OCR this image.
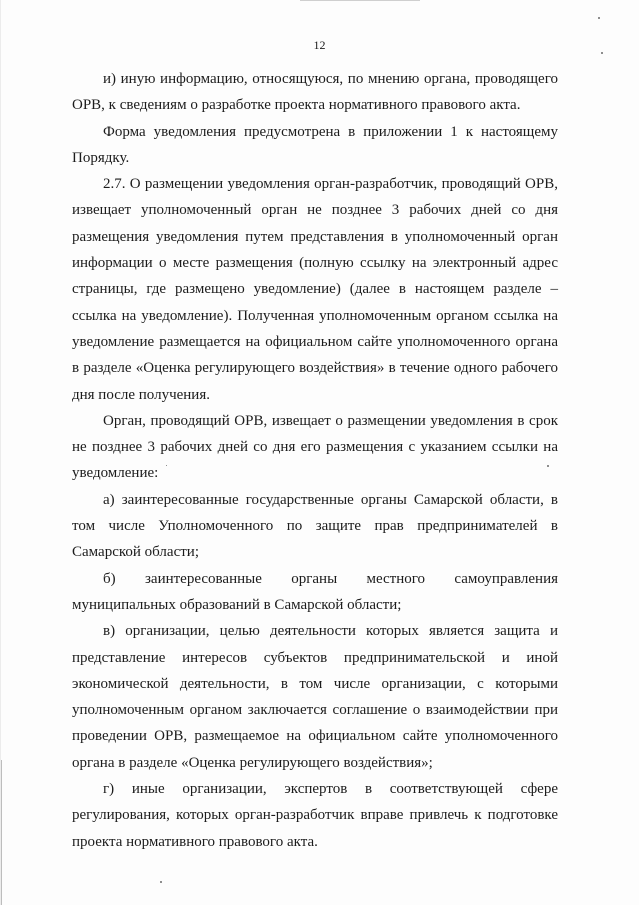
12

и) иную информацию, относящуюся, по мнению органа, проводящего ОРВ, к сведениям о разработке проекта нормативного правового акта.

Форма уведомления предусмотрена в приложении 1 к настоящему Порядку.

2.7. О размещении уведомления орган-разработчик, проводящий ОРВ, извещает уполномоченный орган не позднее 3 рабочих дней со дня размещения уведомления путем представления в уполномоченный орган информации о месте размещения (полную ссылку на электронный адрес страницы, где размещено уведомление) (далее в настоящем разделе – ссылка на уведомление). Полученная уполномоченным органом ссылка на уведомление размещается на официальном сайте уполномоченного органа в разделе «Оценка регулирующего воздействия» в течение одного рабочего дня после получения.

Орган, проводящий ОРВ, извещает о размещении уведомления в срок не позднее 3 рабочих дней со дня его размещения с указанием ссылки на уведомление:

а) заинтересованные государственные органы Самарской области, в том числе Уполномоченного по защите прав предпринимателей в Самарской области;

б) заинтересованные органы местного самоуправления муниципальных образований в Самарской области;

в) организации, целью деятельности которых является защита и представление интересов субъектов предпринимательской и иной экономической деятельности, в том числе организации, с которыми уполномоченным органом заключается соглашение о взаимодействии при проведении ОРВ, размещаемое на официальном сайте уполномоченного органа в разделе «Оценка регулирующего воздействия»;

г) иные организации, экспертов в соответствующей сфере регулирования, которых орган-разработчик вправе привлечь к подготовке проекта нормативного правового акта.
